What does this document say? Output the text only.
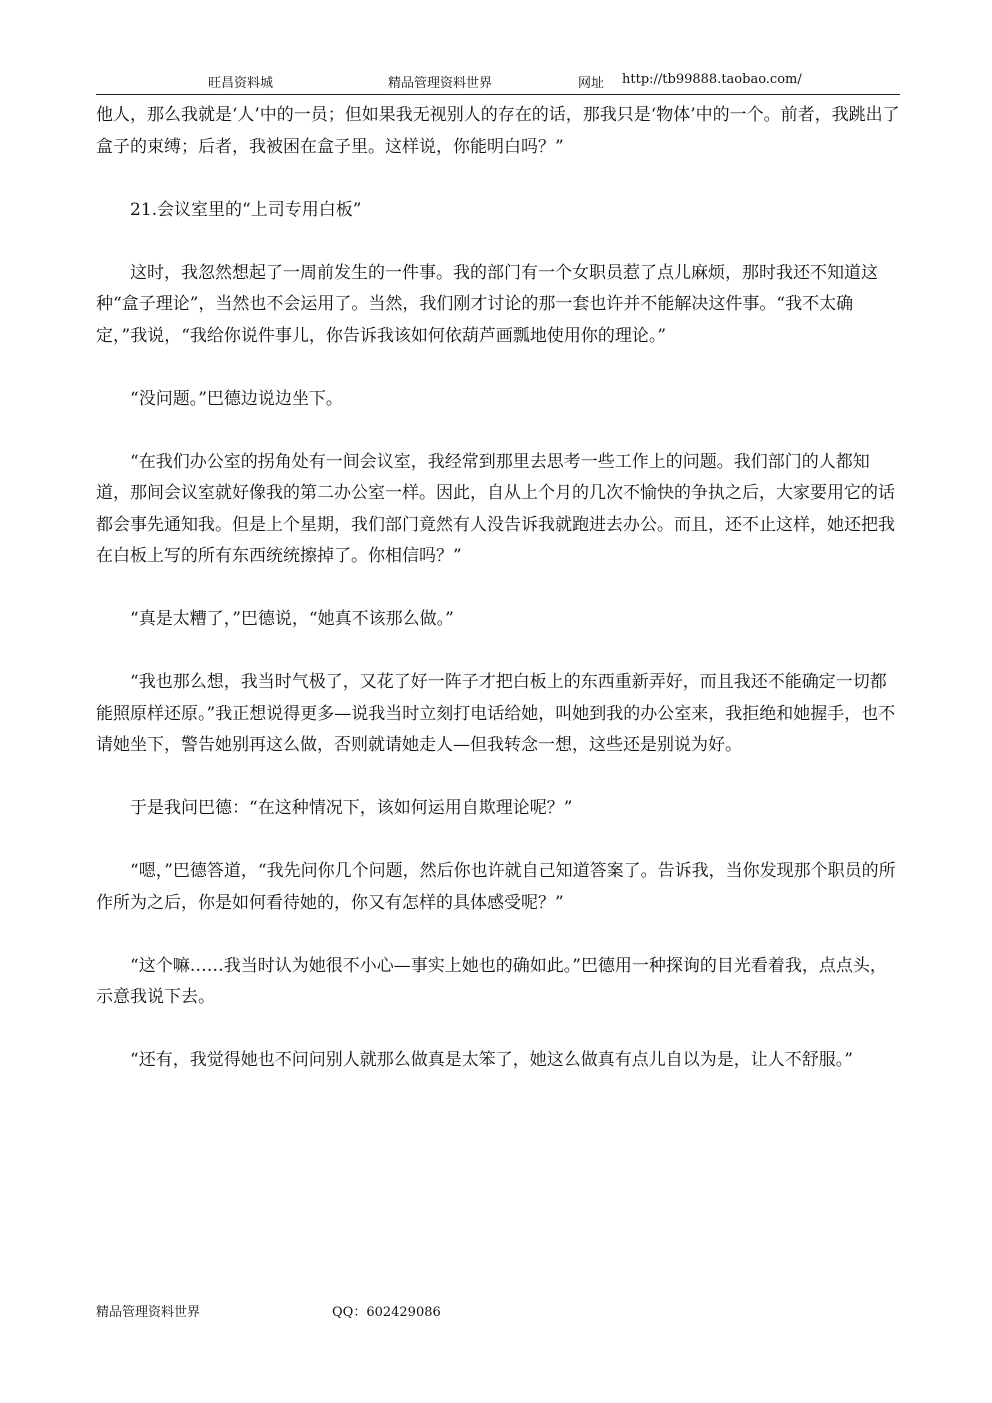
旺昌资料城	精品管理资料世界	网址 http://tb99888.taobao.com/

他人，那么我就是‘人’中的一员；但如果我无视别人的存在的话，那我只是‘物体’中的一个。前者，我跳出了盒子的束缚；后者，我被困在盒子里。这样说，你能明白吗？”

21.会议室里的“上司专用白板”

这时，我忽然想起了一周前发生的一件事。我的部门有一个女职员惹了点儿麻烦，那时我还不知道这种“盒子理论”，当然也不会运用了。当然，我们刚才讨论的那一套也许并不能解决这件事。“我不太确定，”我说，“我给你说件事儿，你告诉我该如何依葫芦画瓢地使用你的理论。”

“没问题。”巴德边说边坐下。

“在我们办公室的拐角处有一间会议室，我经常到那里去思考一些工作上的问题。我们部门的人都知道，那间会议室就好像我的第二办公室一样。因此，自从上个月的几次不愉快的争执之后，大家要用它的话都会事先通知我。但是上个星期，我们部门竟然有人没告诉我就跑进去办公。而且，还不止这样，她还把我在白板上写的所有东西统统擦掉了。你相信吗？”

“真是太糟了，”巴德说，“她真不该那么做。”

“我也那么想，我当时气极了，又花了好一阵子才把白板上的东西重新弄好，而且我还不能确定一切都能照原样还原。”我正想说得更多—说我当时立刻打电话给她，叫她到我的办公室来，我拒绝和她握手，也不请她坐下，警告她别再这么做，否则就请她走人—但我转念一想，这些还是别说为好。

于是我问巴德：“在这种情况下，该如何运用自欺理论呢？”

“嗯，”巴德答道，“我先问你几个问题，然后你也许就自己知道答案了。告诉我，当你发现那个职员的所作所为之后，你是如何看待她的，你又有怎样的具体感受呢？”

“这个嘛……我当时认为她很不小心—事实上她也的确如此。”巴德用一种探询的目光看着我，点点头，示意我说下去。

“还有，我觉得她也不问问别人就那么做真是太笨了，她这么做真有点儿自以为是，让人不舒服。”

精品管理资料世界	QQ：602429086
